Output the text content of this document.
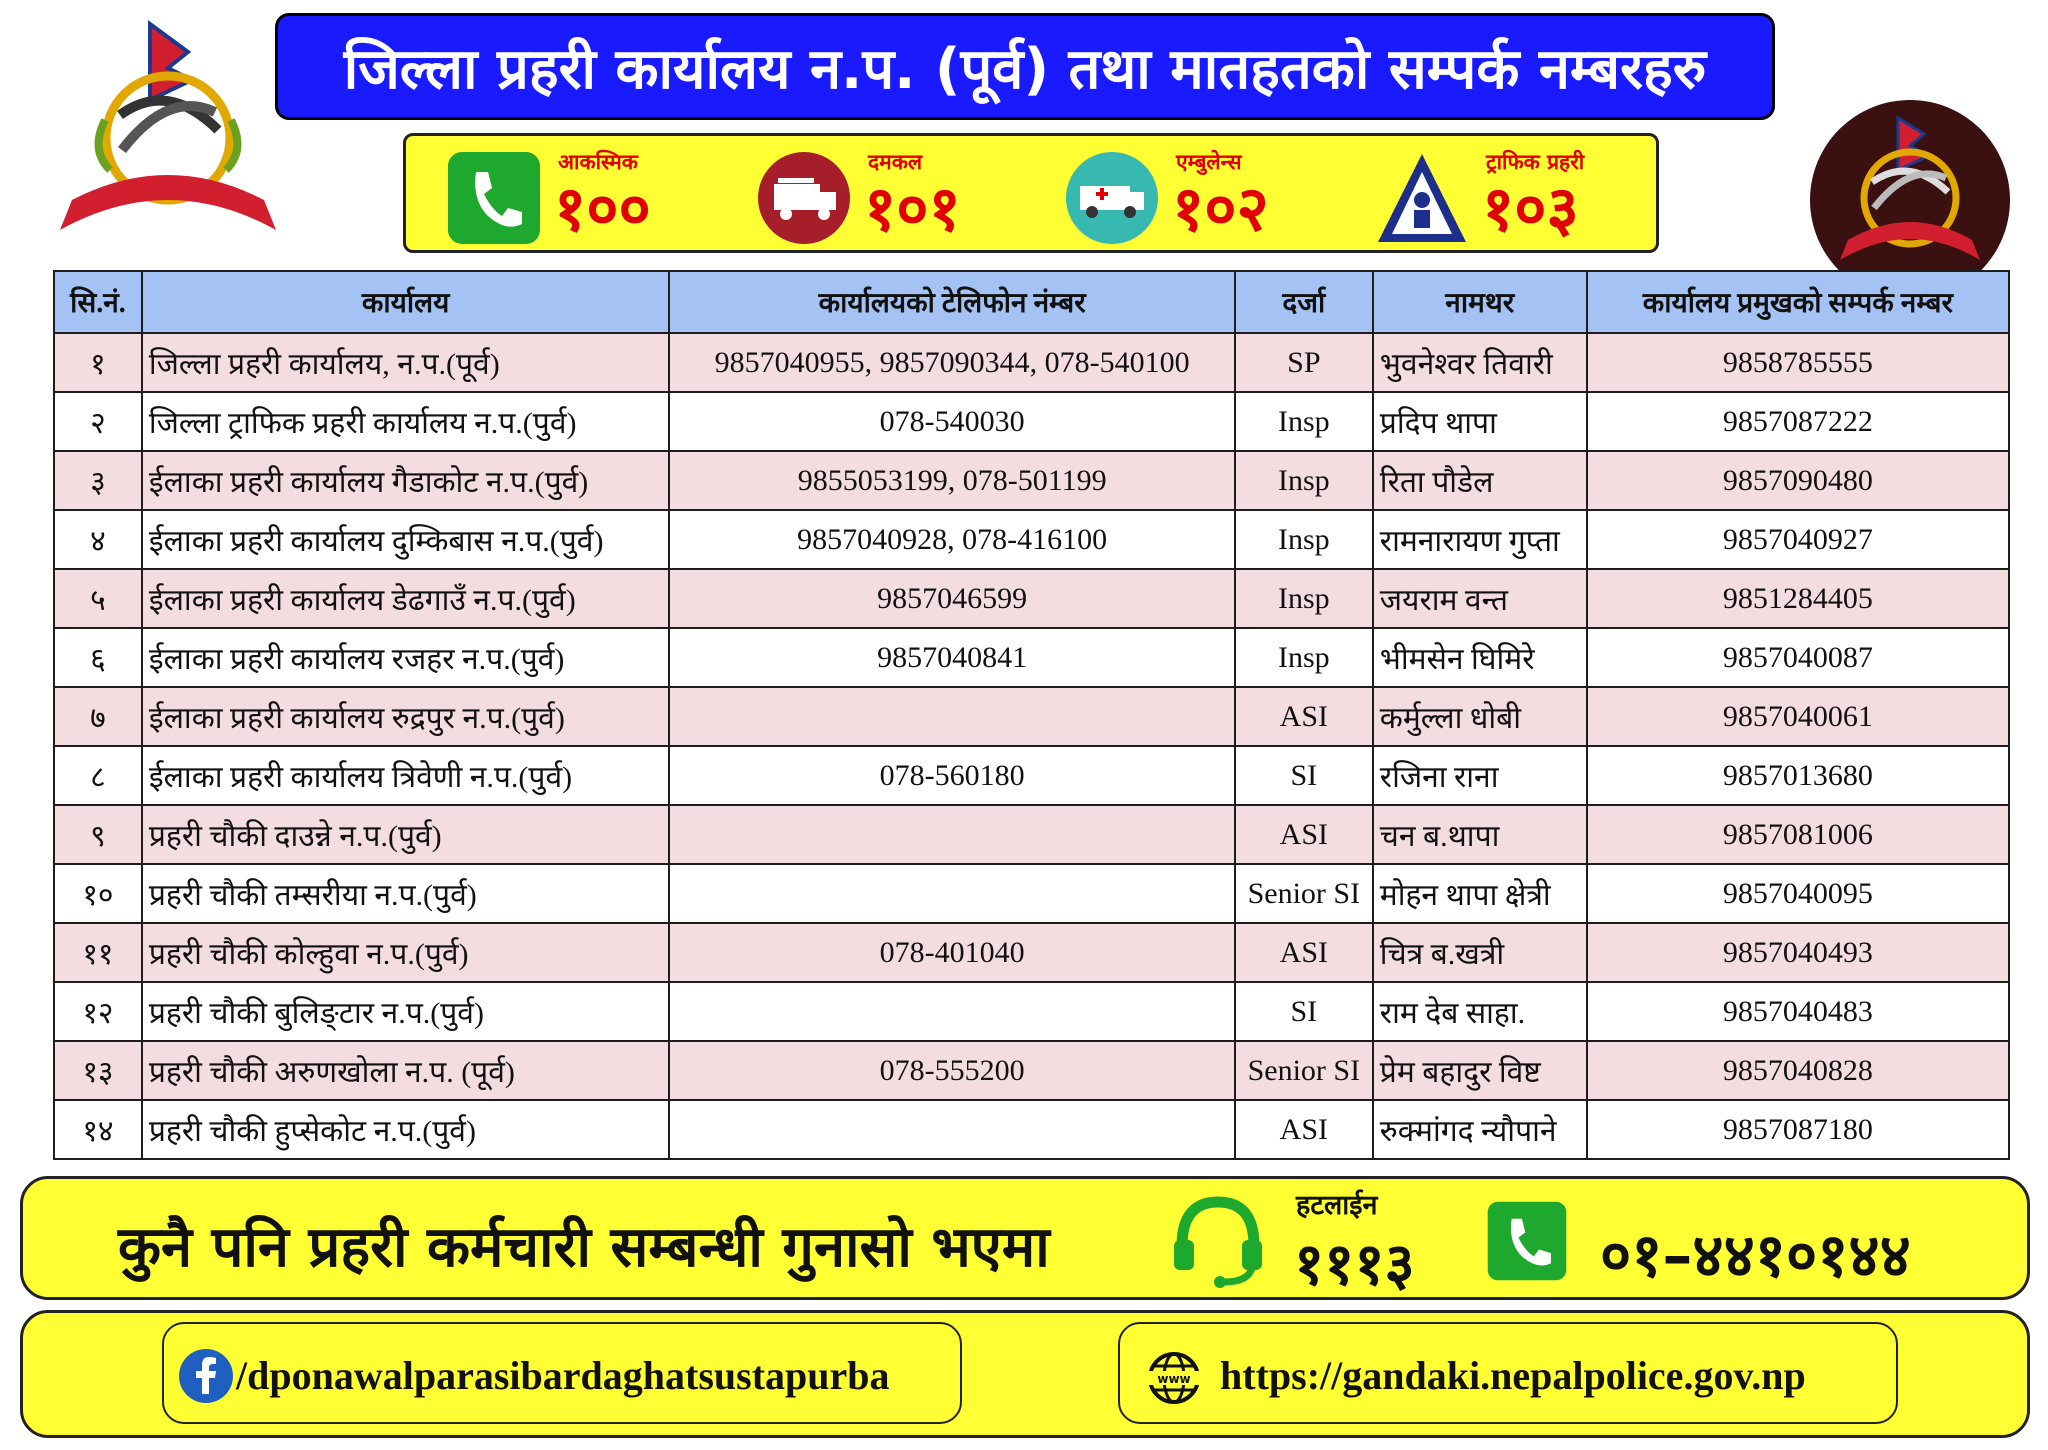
जिल्ला प्रहरी कार्यालय न.प. (पूर्व) तथा मातहतको सम्पर्क नम्बरहरु
आकस्मिक
१००
दमकल
१०१
एम्बुलेन्स
१०२
ट्राफिक प्रहरी
१०३
सि.नं.	कार्यालय	कार्यालयको टेलिफोन नंम्बर	दर्जा	नामथर	कार्यालय प्रमुखको सम्पर्क नम्बर
१	जिल्ला प्रहरी कार्यालय, न.प.(पूर्व)	9857040955, 9857090344, 078-540100	SP	भुवनेश्वर तिवारी	9858785555
२	जिल्ला ट्राफिक प्रहरी कार्यालय न.प.(पुर्व)	078-540030	Insp	प्रदिप थापा	9857087222
३	ईलाका प्रहरी कार्यालय गैडाकोट न.प.(पुर्व)	9855053199, 078-501199	Insp	रिता पौडेल	9857090480
४	ईलाका प्रहरी कार्यालय दुम्किबास न.प.(पुर्व)	9857040928, 078-416100	Insp	रामनारायण गुप्ता	9857040927
५	ईलाका प्रहरी कार्यालय डेढगाउँ न.प.(पुर्व)	9857046599	Insp	जयराम वन्त	9851284405
६	ईलाका प्रहरी कार्यालय रजहर न.प.(पुर्व)	9857040841	Insp	भीमसेन घिमिरे	9857040087
७	ईलाका प्रहरी कार्यालय रुद्रपुर न.प.(पुर्व)		ASI	कर्मुल्ला धोबी	9857040061
८	ईलाका प्रहरी कार्यालय त्रिवेणी न.प.(पुर्व)	078-560180	SI	रजिना राना	9857013680
९	प्रहरी चौकी दाउन्ने न.प.(पुर्व)		ASI	चन ब.थापा	9857081006
१०	प्रहरी चौकी तम्सरीया न.प.(पुर्व)		Senior SI	मोहन थापा क्षेत्री	9857040095
११	प्रहरी चौकी कोल्हुवा न.प.(पुर्व)	078-401040	ASI	चित्र ब.खत्री	9857040493
१२	प्रहरी चौकी बुलिङ्टार न.प.(पुर्व)		SI	राम देब साहा.	9857040483
१३	प्रहरी चौकी अरुणखोला न.प. (पूर्व)	078-555200	Senior SI	प्रेम बहादुर विष्ट	9857040828
१४	प्रहरी चौकी हुप्सेकोट न.प.(पुर्व)		ASI	रुक्मांगद न्यौपाने	9857087180
कुनै पनि प्रहरी कर्मचारी सम्बन्धी गुनासो भएमा
हटलाईन
१११३	०१–४४१०१४४
/dponawalparasibardaghatsustapurba	www https://gandaki.nepalpolice.gov.np
